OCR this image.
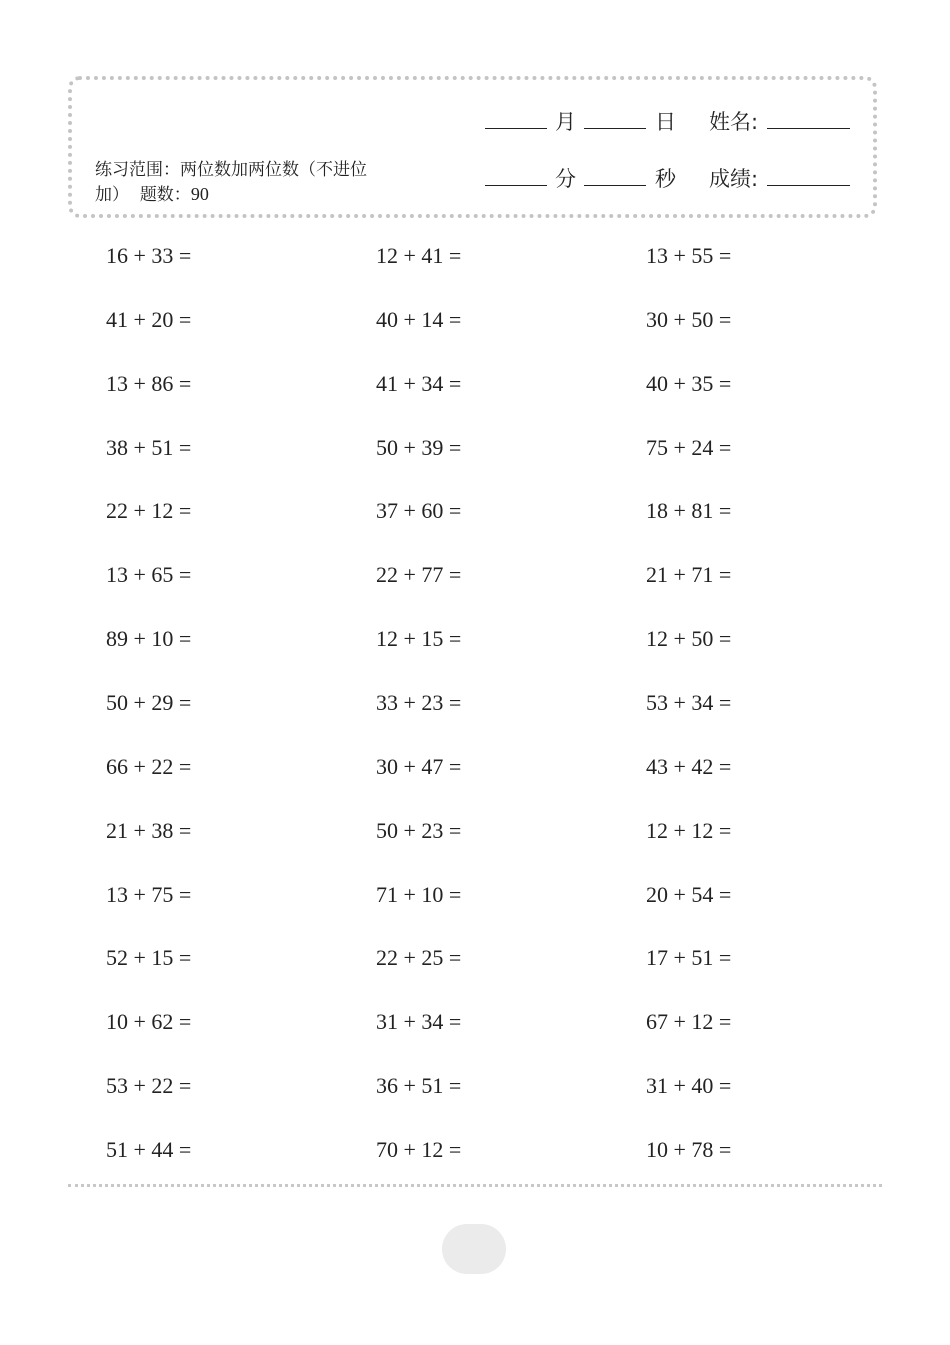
练习范围：两位数加两位数（不进位加） 题数：90
月	日 姓名:
分	秒 成绩:
16 + 33 =	12 + 41 =	13 + 55 =
41 + 20 =	40 + 14 =	30 + 50 =
13 + 86 =	41 + 34 =	40 + 35 =
38 + 51 =	50 + 39 =	75 + 24 =
22 + 12 =	37 + 60 =	18 + 81 =
13 + 65 =	22 + 77 =	21 + 71 =
89 + 10 =	12 + 15 =	12 + 50 =
50 + 29 =	33 + 23 =	53 + 34 =
66 + 22 =	30 + 47 =	43 + 42 =
21 + 38 =	50 + 23 =	12 + 12 =
13 + 75 =	71 + 10 =	20 + 54 =
52 + 15 =	22 + 25 =	17 + 51 =
10 + 62 =	31 + 34 =	67 + 12 =
53 + 22 =	36 + 51 =	31 + 40 =
51 + 44 =	70 + 12 =	10 + 78 =
